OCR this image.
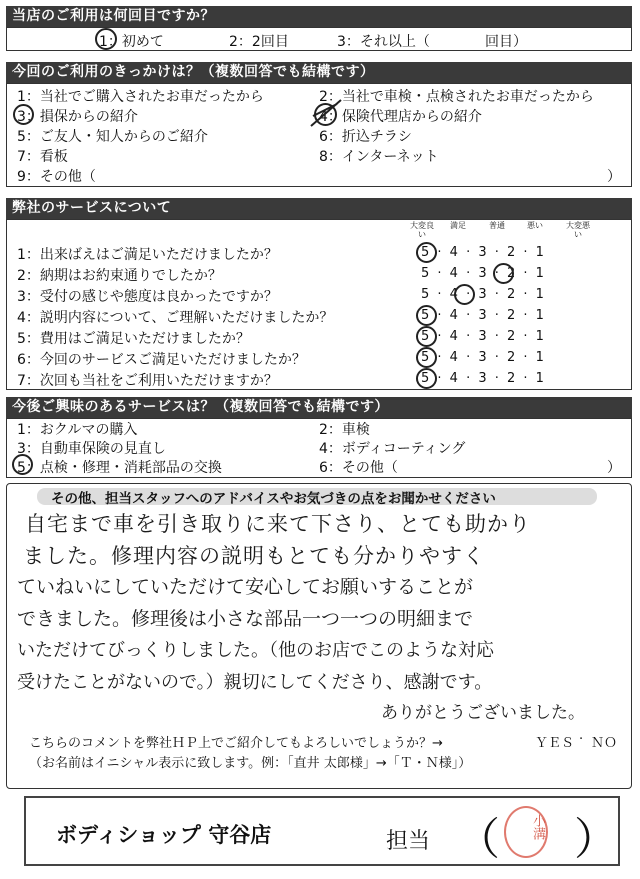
当店のご利用は何回目ですか？
1：初めて	2：2回目	3：それ以上（	回目）
今回のご利用のきっかけは？（複数回答でも結構です）
1：当社でご購入されたお車だったから	2：当社で車検・点検されたお車だったから
3：損保からの紹介	4：保険代理店からの紹介
5：ご友人・知人からのご紹介	6：折込チラシ
7：看板	8：インターネット
9：その他（	）
弊社のサービスについて
大変良い
満足	普通	悪い	大変悪い
1：出来ばえはご満足いただけましたか？	5 · 4 · 3 · 2 · 1
2：納期はお約束通りでしたか？	5 · 4 · 3 · 2 · 1
3：受付の感じや態度は良かったですか？	5 · 4 · 3 · 2 · 1
4：説明内容について、ご理解いただけましたか？	5 · 4 · 3 · 2 · 1
5：費用はご満足いただけましたか？	5 · 4 · 3 · 2 · 1
6：今回のサービスご満足いただけましたか？	5 · 4 · 3 · 2 · 1
7：次回も当社をご利用いただけますか？	5 · 4 · 3 · 2 · 1
今後ご興味のあるサービスは？（複数回答でも結構です）
1：おクルマの購入	2：車検
3：自動車保険の見直し	4：ボディコーティング
5：点検・修理・消耗部品の交換	6：その他（	）
その他、担当スタッフへのアドバイスやお気づきの点をお聞かせください
自宅まで車を引き取りに来て下さり、とても助かり
ました。修理内容の説明もとても分かりやすく
ていねいにしていただけて安心してお願いすることが
できました。修理後は小さな部品一つ一つの明細まで
いただけてびっくりしました。（他のお店でこのような対応
受けたことがないので。）親切にしてくださり、感謝です。
ありがとうございました。
こちらのコメントを弊社ＨＰ上でご紹介してもよろしいでしょうか？→	ＹＥＳ · ＮＯ
（お名前はイニシャル表示に致します。例：「直井 太郎様」→「Ｔ・Ｎ様」）
ボディショップ 守谷店	担当 （ ）
小溝
